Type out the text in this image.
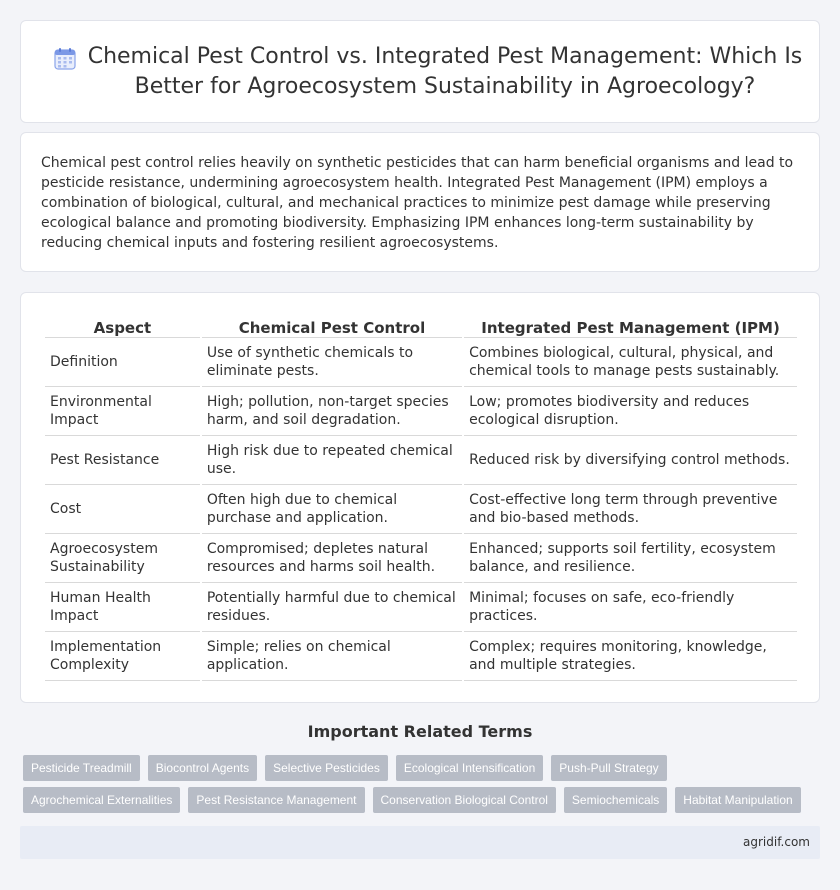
Chemical Pest Control vs. Integrated Pest Management: Which Is Better for Agroecosystem Sustainability in Agroecology?

Chemical pest control relies heavily on synthetic pesticides that can harm beneficial organisms and lead to pesticide resistance, undermining agroecosystem health. Integrated Pest Management (IPM) employs a combination of biological, cultural, and mechanical practices to minimize pest damage while preserving ecological balance and promoting biodiversity. Emphasizing IPM enhances long-term sustainability by reducing chemical inputs and fostering resilient agroecosystems.

Aspect	Chemical Pest Control	Integrated Pest Management (IPM)
Definition	Use of synthetic chemicals to eliminate pests.	Combines biological, cultural, physical, and chemical tools to manage pests sustainably.
Environmental Impact	High; pollution, non-target species harm, and soil degradation.	Low; promotes biodiversity and reduces ecological disruption.
Pest Resistance	High risk due to repeated chemical use.	Reduced risk by diversifying control methods.
Cost	Often high due to chemical purchase and application.	Cost-effective long term through preventive and bio-based methods.
Agroecosystem Sustainability	Compromised; depletes natural resources and harms soil health.	Enhanced; supports soil fertility, ecosystem balance, and resilience.
Human Health Impact	Potentially harmful due to chemical residues.	Minimal; focuses on safe, eco-friendly practices.
Implementation Complexity	Simple; relies on chemical application.	Complex; requires monitoring, knowledge, and multiple strategies.
Important Related Terms
Pesticide Treadmill	Biocontrol Agents	Selective Pesticides	Ecological Intensification	Push-Pull Strategy
Agrochemical Externalities	Pest Resistance Management	Conservation Biological Control	Semiochemicals	Habitat Manipulation
agridif.com
